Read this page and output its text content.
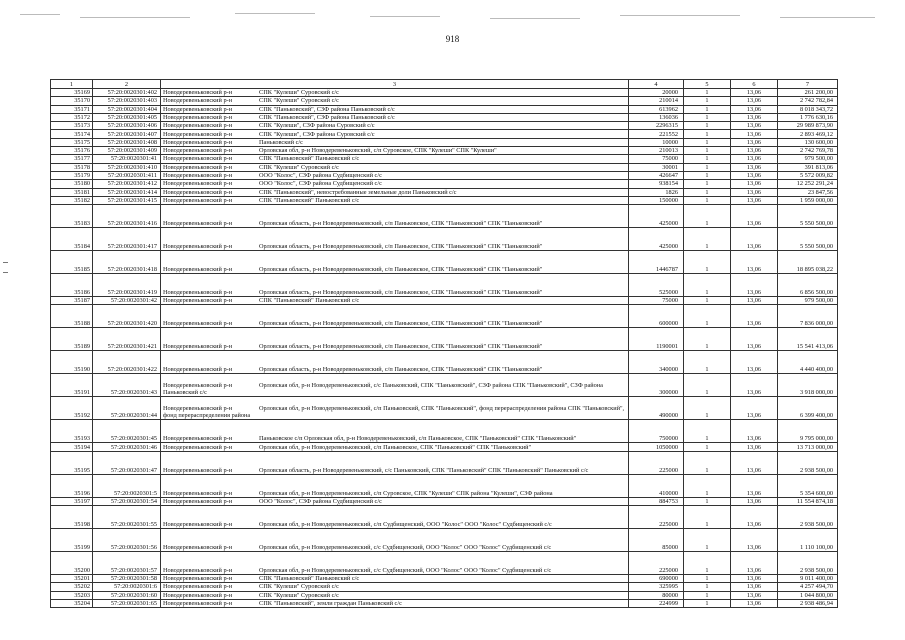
918
1	2	3	4	5	6	7
35169	57:20:0020301:402	Новодеревеньковский р-н СПК "Кулеши" Суровский с/с	20000	1	13,06	261 200,00
35170	57:20:0020301:403	Новодеревеньковский р-н СПК "Кулеши" Суровский с/с	210014	1	13,06	2 742 782,84
35171	57:20:0020301:404	Новодеревеньковский р-н СПК "Паньковский", СЗФ района Паньковский с/с	613962	1	13,06	8 018 343,72
35172	57:20:0020301:405	Новодеревеньковский р-н СПК "Паньковский", СЗФ района Паньковский с/с	136036	1	13,06	1 776 630,16
35173	57:20:0020301:406	Новодеревеньковский р-н СПК "Кулеши", СЗФ района Суровский с/с	2296315	1	13,06	29 989 873,90
35174	57:20:0020301:407	Новодеревеньковский р-н СПК "Кулеши", СЗФ района Суровский с/с	221552	1	13,06	2 893 469,12
35175	57:20:0020301:408	Новодеревеньковский р-н Паньковский с/с	10000	1	13,06	130 600,00
35176	57:20:0020301:409	Новодеревеньковский р-н Орловская обл, р-н Новодеревеньковский, с/п Суровское, СПК "Кулеши" СПК "Кулеши"	210013	1	13,06	2 742 769,78
35177	57:20:0020301:41	Новодеревеньковский р-н СПК "Паньковский" Паньковский с/с	75000	1	13,06	979 500,00
35178	57:20:0020301:410	Новодеревеньковский р-н СПК "Кулеши" Суровский с/с	30001	1	13,06	391 813,06
35179	57:20:0020301:411	Новодеревеньковский р-н ООО "Колос", СЗФ района Судбищенский с/с	426647	1	13,06	5 572 009,82
35180	57:20:0020301:412	Новодеревеньковский р-н ООО "Колос", СЗФ района Судбищенский с/с	938154	1	13,06	12 252 291,24
35181	57:20:0020301:414	Новодеревеньковский р-н СПК "Паньковский", невостребованные земельные доли Паньковский с/с	1826	1	13,06	23 847,56
35182	57:20:0020301:415	Новодеревеньковский р-н СПК "Паньковский" Паньковский с/с	150000	1	13,06	1 959 000,00
35183	57:20:0020301:416	Новодеревеньковский р-н Орловская область, р-н Новодеревеньковский, с/п Паньковское, СПК "Паньковский" СПК "Паньковский"	425000	1	13,06	5 550 500,00
35184	57:20:0020301:417	Новодеревеньковский р-н Орловская область, р-н Новодеревеньковский, с/п Паньковское, СПК "Паньковский" СПК "Паньковский"	425000	1	13,06	5 550 500,00
35185	57:20:0020301:418	Новодеревеньковский р-н Орловская область, р-н Новодеревеньковский, с/п Паньковское, СПК "Паньковский" СПК "Паньковский"	1446787	1	13,06	18 895 038,22
35186	57:20:0020301:419	Новодеревеньковский р-н Орловская область, р-н Новодеревеньковский, с/п Паньковское, СПК "Паньковский" СПК "Паньковский"	525000	1	13,06	6 856 500,00
35187	57:20:0020301:42	Новодеревеньковский р-н СПК "Паньковский" Паньковский с/с	75000	1	13,06	979 500,00
35188	57:20:0020301:420	Новодеревеньковский р-н Орловская область, р-н Новодеревеньковский, с/п Паньковское, СПК "Паньковский" СПК "Паньковский"	600000	1	13,06	7 836 000,00
35189	57:20:0020301:421	Новодеревеньковский р-н Орловская область, р-н Новодеревеньковский, с/п Паньковское, СПК "Паньковский" СПК "Паньковский"	1190001	1	13,06	15 541 413,06
35190	57:20:0020301:422	Новодеревеньковский р-н Орловская область, р-н Новодеревеньковский, с/п Паньковское, СПК "Паньковский" СПК "Паньковский"	340000	1	13,06	4 440 400,00
35191	57:20:0020301:43	Новодеревеньковский р-н Орловская обл, р-н Новодеревеньковский, с/с Паньковский, СПК "Паньковский", СЗФ района СПК "Паньковский", СЗФ района Паньковский с/с	300000	1	13,06	3 918 000,00
35192	57:20:0020301:44	Новодеревеньковский р-н Орловская обл, р-н Новодеревеньковский, с/п Паньковский, СПК "Паньковский", фонд перераспределения района СПК "Паньковский", фонд перераспределения района	490000	1	13,06	6 399 400,00
35193	57:20:0020301:45	Новодеревеньковский р-н Паньковское с/п Орловская обл, р-н Новодеревеньковский, с/п Паньковское, СПК "Паньковский" СПК "Паньковский"	750000	1	13,06	9 795 000,00
35194	57:20:0020301:46	Новодеревеньковский р-н Орловская обл, р-н Новодеревеньковский, с/п Паньковское, СПК "Паньковский" СПК "Паньковский"	1050000	1	13,06	13 713 000,00
35195	57:20:0020301:47	Новодеревеньковский р-н Орловская область, р-н Новодеревеньковский, с/с Паньковский, СПК "Паньковский" СПК "Паньковский" Паньковский с/с	225000	1	13,06	2 938 500,00
35196	57:20:0020301:5	Новодеревеньковский р-н Орловская обл, р-н Новодеревеньковский, с/п Суровское, СПК "Кулеши" СПК района "Кулеши", СЗФ района	410000	1	13,06	5 354 600,00
35197	57:20:0020301:54	Новодеревеньковский р-н ООО "Колос", СЗФ района Судбищенский с/с	884753	1	13,06	11 554 874,18
35198	57:20:0020301:55	Новодеревеньковский р-н Орловская обл, р-н Новодеревеньковский, с/п Судбищенский, ООО "Колос" ООО "Колос" Судбищенский с/с	225000	1	13,06	2 938 500,00
35199	57:20:0020301:56	Новодеревеньковский р-н Орловская обл, р-н Новодеревеньковский, с/с Судбищенский, ООО "Колос" ООО "Колос" Судбищенский с/с	85000	1	13,06	1 110 100,00
35200	57:20:0020301:57	Новодеревеньковский р-н Орловская обл, р-н Новодеревеньковский, с/с Судбищенский, ООО "Колос" ООО "Колос" Судбищенский с/с	225000	1	13,06	2 938 500,00
35201	57:20:0020301:58	Новодеревеньковский р-н СПК "Паньковский" Паньковский с/с	690000	1	13,06	9 011 400,00
35202	57:20:0020301:6	Новодеревеньковский р-н СПК "Кулеши" Суровский с/с	325995	1	13,06	4 257 494,70
35203	57:20:0020301:60	Новодеревеньковский р-н СПК "Кулеши" Суровский с/с	80000	1	13,06	1 044 800,00
35204	57:20:0020301:65	Новодеревеньковский р-н СПК "Паньковский", земли граждан Паньковский с/с	224999	1	13,06	2 938 486,94
